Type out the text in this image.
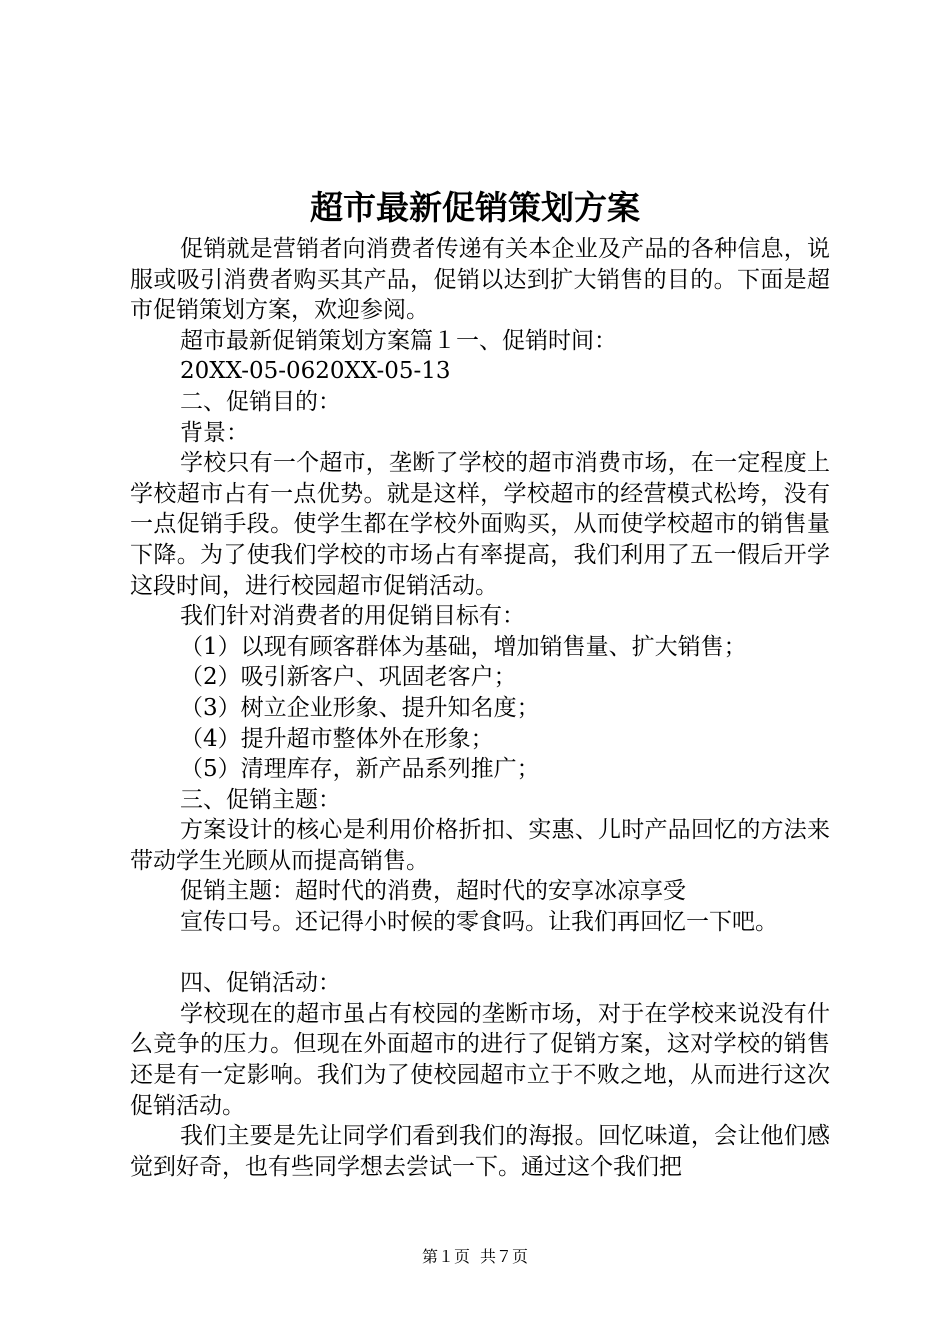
超市最新促销策划方案

促销就是营销者向消费者传递有关本企业及产品的各种信息，说服或吸引消费者购买其产品，促销以达到扩大销售的目的。下面是超市促销策划方案，欢迎参阅。

超市最新促销策划方案篇１一、促销时间：

20XX-05-0620XX-05-13

二、促销目的：

背景：

学校只有一个超市，垄断了学校的超市消费市场，在一定程度上学校超市占有一点优势。就是这样，学校超市的经营模式松垮，没有一点促销手段。使学生都在学校外面购买，从而使学校超市的销售量下降。为了使我们学校的市场占有率提高，我们利用了五一假后开学这段时间，进行校园超市促销活动。

我们针对消费者的用促销目标有：

（1）以现有顾客群体为基础，增加销售量、扩大销售；

（2）吸引新客户、巩固老客户；

（3）树立企业形象、提升知名度；

（4）提升超市整体外在形象；

（5）清理库存，新产品系列推广；

三、促销主题：

方案设计的核心是利用价格折扣、实惠、儿时产品回忆的方法来带动学生光顾从而提高销售。

促销主题：超时代的消费，超时代的安享冰凉享受

宣传口号。还记得小时候的零食吗。让我们再回忆一下吧。

四、促销活动：

学校现在的超市虽占有校园的垄断市场，对于在学校来说没有什么竞争的压力。但现在外面超市的进行了促销方案，这对学校的销售还是有一定影响。我们为了使校园超市立于不败之地，从而进行这次促销活动。

我们主要是先让同学们看到我们的海报。回忆味道，会让他们感觉到好奇，也有些同学想去尝试一下。通过这个我们把

第１页 共７页
